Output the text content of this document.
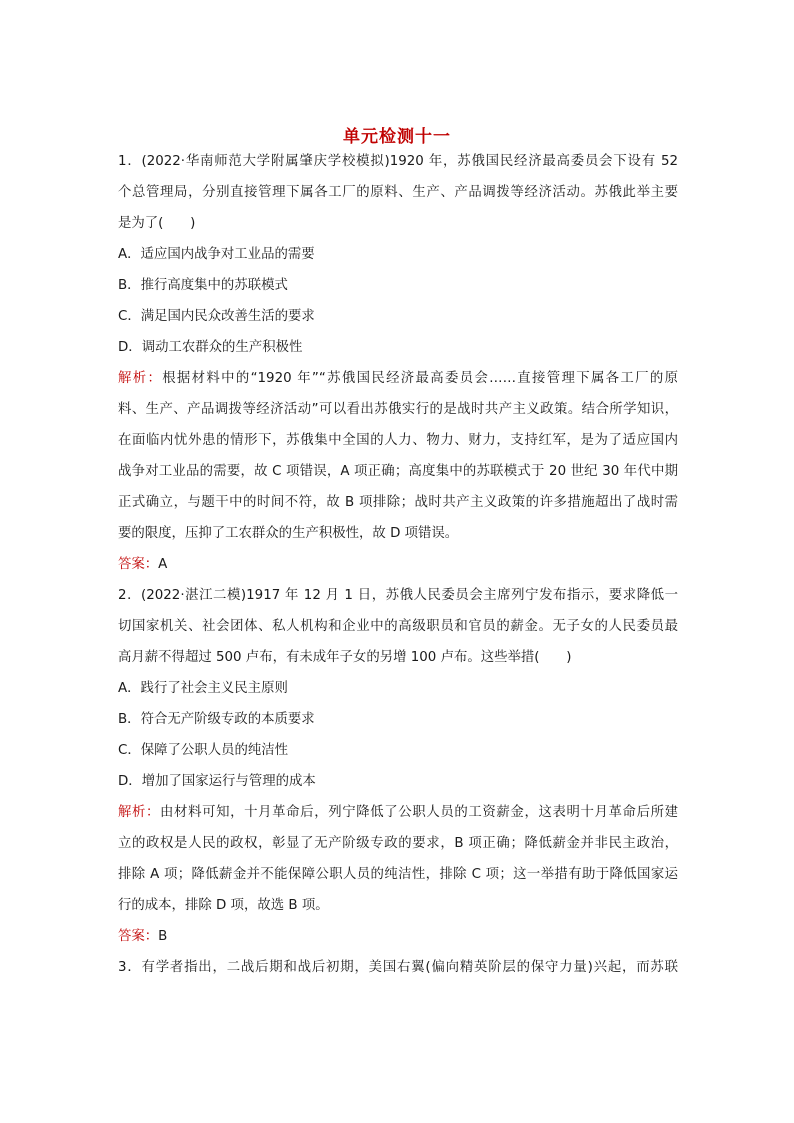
单元检测十一
1．(2022·华南师范大学附属肇庆学校模拟)1920 年，苏俄国民经济最高委员会下设有 52
个总管理局，分别直接管理下属各工厂的原料、生产、产品调拨等经济活动。苏俄此举主要
是为了(　　)
A．适应国内战争对工业品的需要
B．推行高度集中的苏联模式
C．满足国内民众改善生活的要求
D．调动工农群众的生产积极性
解析：根据材料中的“1920 年”“苏俄国民经济最高委员会……直接管理下属各工厂的原
料、生产、产品调拨等经济活动”可以看出苏俄实行的是战时共产主义政策。结合所学知识，
在面临内忧外患的情形下，苏俄集中全国的人力、物力、财力，支持红军，是为了适应国内
战争对工业品的需要，故 C 项错误，A 项正确；高度集中的苏联模式于 20 世纪 30 年代中期
正式确立，与题干中的时间不符，故 B 项排除；战时共产主义政策的许多措施超出了战时需
要的限度，压抑了工农群众的生产积极性，故 D 项错误。
答案：A
2．(2022·湛江二模)1917 年 12 月 1 日，苏俄人民委员会主席列宁发布指示，要求降低一
切国家机关、社会团体、私人机构和企业中的高级职员和官员的薪金。无子女的人民委员最
高月薪不得超过 500 卢布，有未成年子女的另增 100 卢布。这些举措(　　)
A．践行了社会主义民主原则
B．符合无产阶级专政的本质要求
C．保障了公职人员的纯洁性
D．增加了国家运行与管理的成本
解析：由材料可知，十月革命后，列宁降低了公职人员的工资薪金，这表明十月革命后所建
立的政权是人民的政权，彰显了无产阶级专政的要求，B 项正确；降低薪金并非民主政治，
排除 A 项；降低薪金并不能保障公职人员的纯洁性，排除 C 项；这一举措有助于降低国家运
行的成本，排除 D 项，故选 B 项。
答案：B
3．有学者指出，二战后期和战后初期，美国右翼(偏向精英阶层的保守力量)兴起，而苏联
